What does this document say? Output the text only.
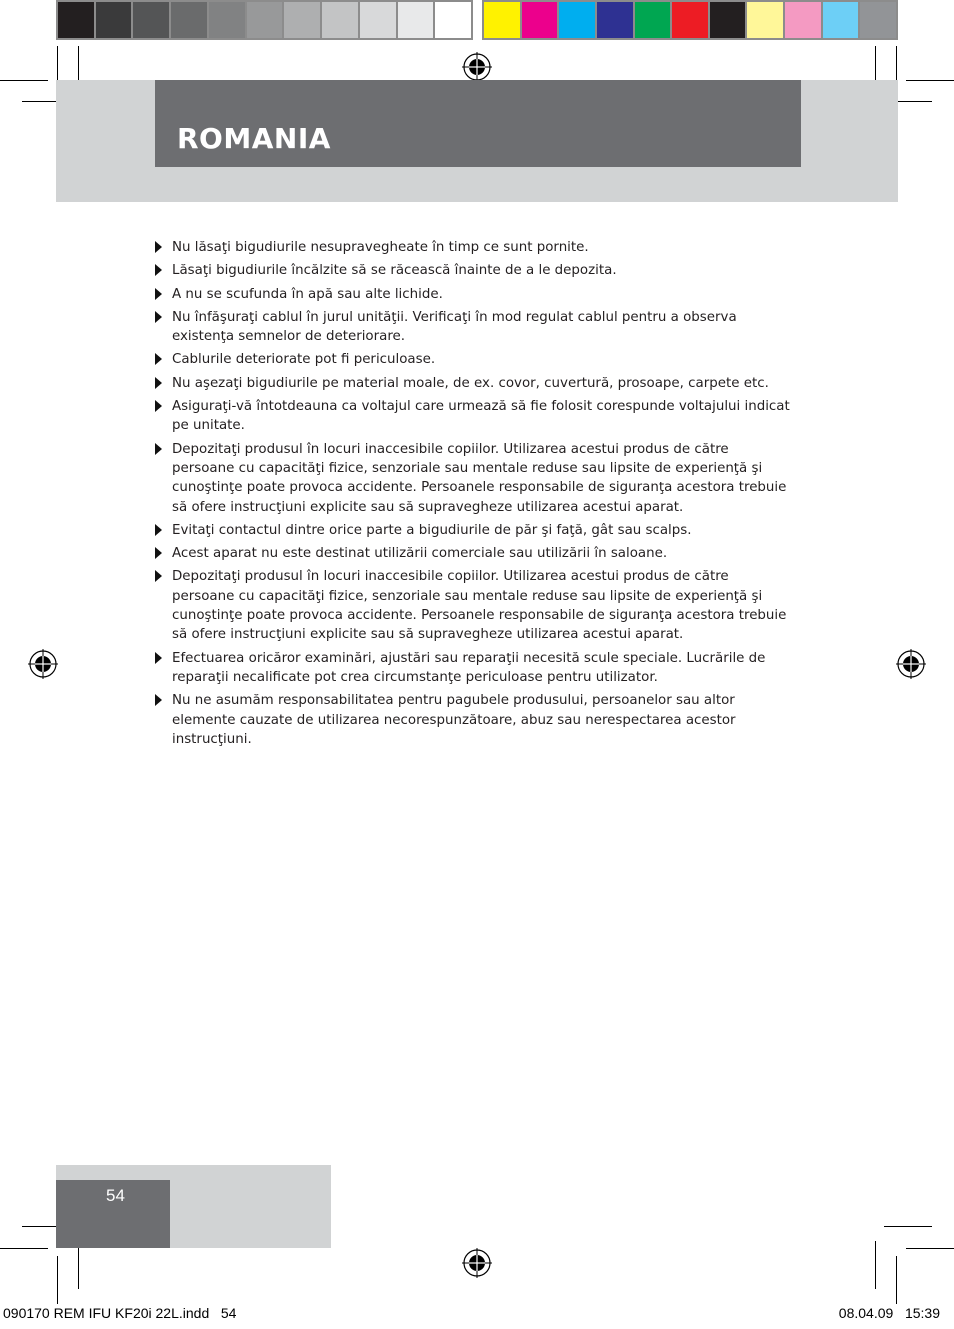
ROMANIA
Nu lăsaţi bigudiurile nesupravegheate în timp ce sunt pornite.
Lăsaţi bigudiurile încălzite să se răcească înainte de a le depozita.
A nu se scufunda în apă sau alte lichide.
Nu înfăşuraţi cablul în jurul unităţii. Verificaţi în mod regulat cablul pentru a observa existenţa semnelor de deteriorare.
Cablurile deteriorate pot fi periculoase.
Nu aşezaţi bigudiurile pe material moale, de ex. covor, cuvertură, prosoape, carpete etc.
Asiguraţi-vă întotdeauna ca voltajul care urmează să fie folosit corespunde voltajului indicat pe unitate.
Depozitaţi produsul în locuri inaccesibile copiilor. Utilizarea acestui produs de către persoane cu capacităţi fizice, senzoriale sau mentale reduse sau lipsite de experienţă şi cunoştinţe poate provoca accidente. Persoanele responsabile de siguranţa acestora trebuie să ofere instrucţiuni explicite sau să supravegheze utilizarea acestui aparat.
Evitaţi contactul dintre orice parte a bigudiurile de păr şi faţă, gât sau scalps.
Acest aparat nu este destinat utilizării comerciale sau utilizării în saloane.
Depozitaţi produsul în locuri inaccesibile copiilor. Utilizarea acestui produs de către persoane cu capacităţi fizice, senzoriale sau mentale reduse sau lipsite de experienţă şi cunoştinţe poate provoca accidente. Persoanele responsabile de siguranţa acestora trebuie să ofere instrucţiuni explicite sau să supravegheze utilizarea acestui aparat.
Efectuarea oricăror examinări, ajustări sau reparaţii necesită scule speciale. Lucrările de reparaţii necalificate pot crea circumstanţe periculoase pentru utilizator.
Nu ne asumăm responsabilitatea pentru pagubele produsului, persoanelor sau altor elemente cauzate de utilizarea necorespunzătoare, abuz sau nerespectarea acestor instrucţiuni.
54
090170 REM IFU KF20i 22L.indd   54	08.04.09   15:39
